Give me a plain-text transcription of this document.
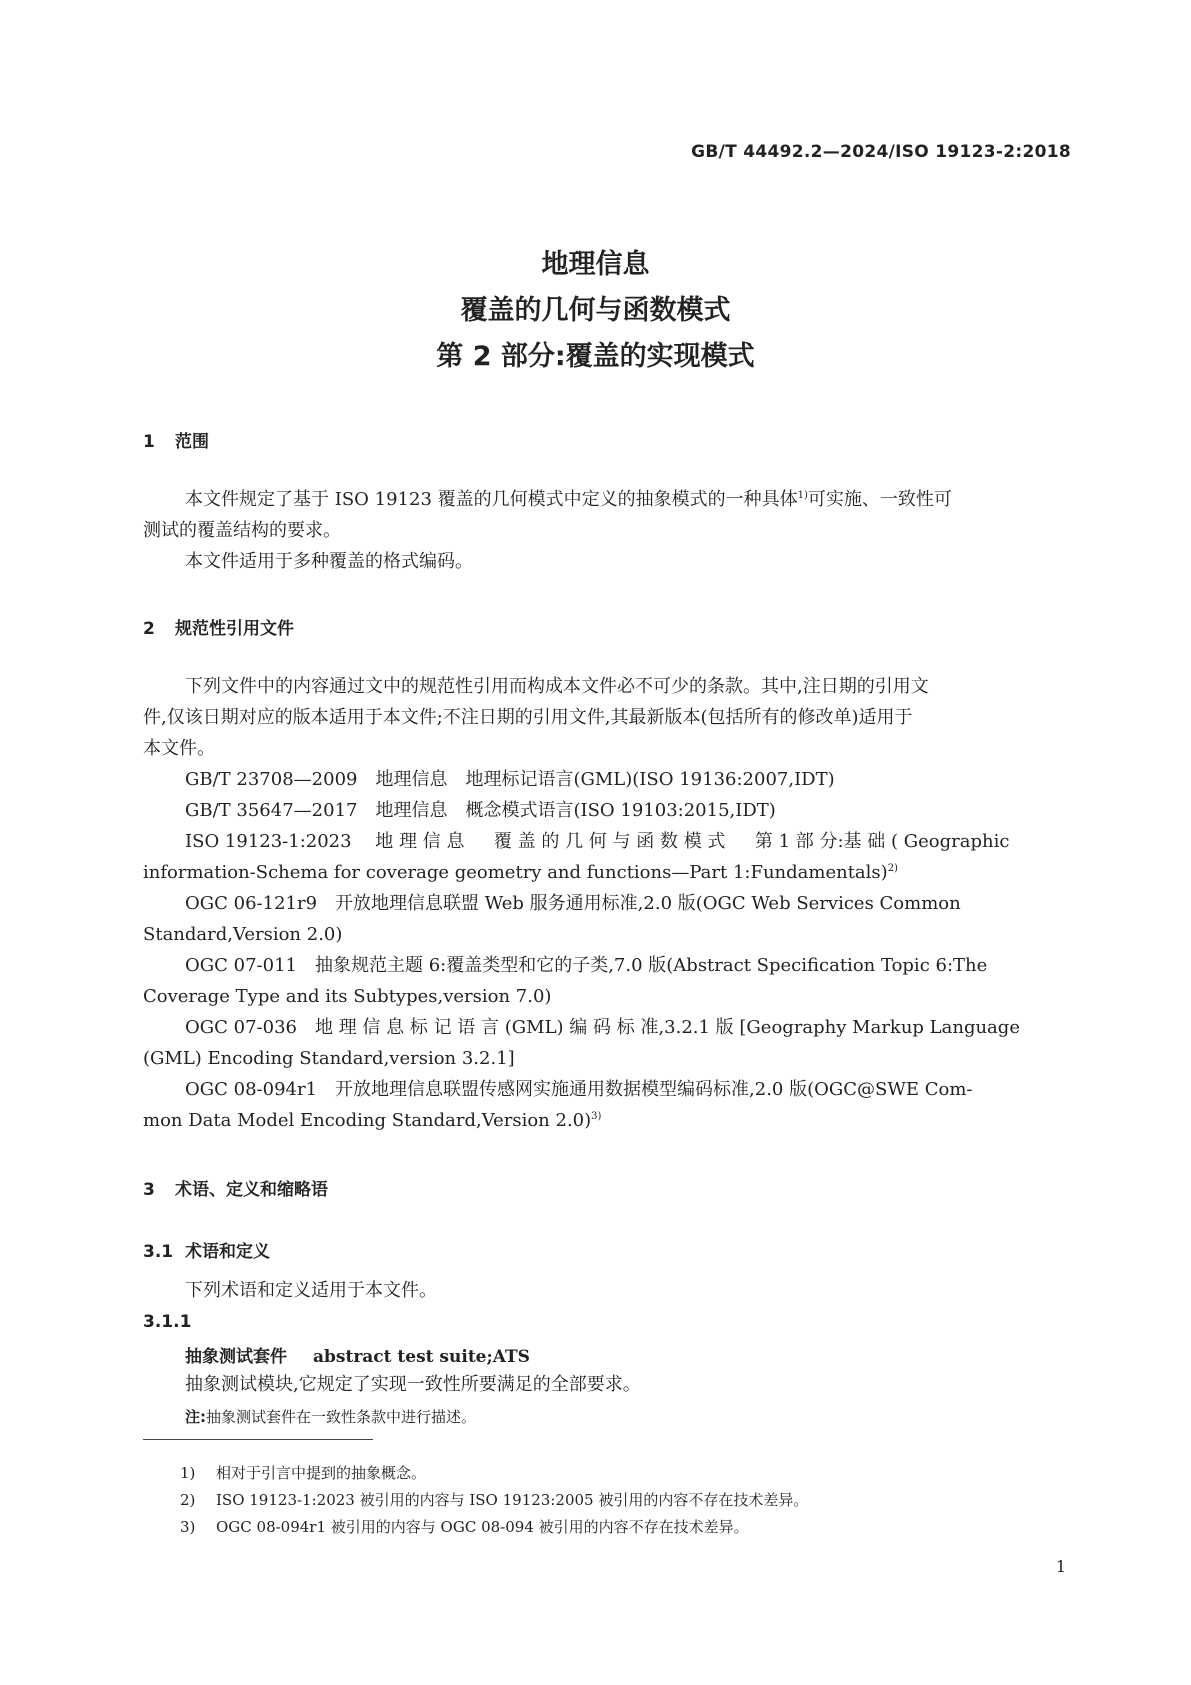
GB/T 44492.2—2024/ISO 19123-2:2018
地理信息
覆盖的几何与函数模式
第 2 部分:覆盖的实现模式
1 范围
本文件规定了基于 ISO 19123 覆盖的几何模式中定义的抽象模式的一种具体$^{1)}$可实施、一致性可
测试的覆盖结构的要求。
本文件适用于多种覆盖的格式编码。
2 规范性引用文件
下列文件中的内容通过文中的规范性引用而构成本文件必不可少的条款。其中,注日期的引用文
件,仅该日期对应的版本适用于本文件;不注日期的引用文件,其最新版本(包括所有的修改单)适用于
本文件。
GB/T 23708—2009　地理信息　地理标记语言(GML)(ISO 19136:2007,IDT)
GB/T 35647—2017　地理信息　概念模式语言(ISO 19103:2015,IDT)
ISO 19123-1:2023　 地 理 信 息 　 覆 盖 的 几 何 与 函 数 模 式 　 第 1 部 分:基 础 ( Geographic
information-Schema for coverage geometry and functions—Part 1:Fundamentals)$^{2)}$
OGC 06-121r9　开放地理信息联盟 Web 服务通用标准,2.0 版(OGC Web Services Common
Standard,Version 2.0)
OGC 07-011　抽象规范主题 6:覆盖类型和它的子类,7.0 版(Abstract Specification Topic 6:The
Coverage Type and its Subtypes,version 7.0)
OGC 07-036　地 理 信 息 标 记 语 言 (GML) 编 码 标 准,3.2.1 版 [Geography Markup Language
(GML) Encoding Standard,version 3.2.1]
OGC 08-094r1　开放地理信息联盟传感网实施通用数据模型编码标准,2.0 版(OGC@SWE Com-
mon Data Model Encoding Standard,Version 2.0)$^{3)}$
3 术语、定义和缩略语
3.1 术语和定义
下列术语和定义适用于本文件。
3.1.1
抽象测试套件 abstract test suite;ATS
抽象测试模块,它规定了实现一致性所要满足的全部要求。
注:抽象测试套件在一致性条款中进行描述。
1) 相对于引言中提到的抽象概念。
2) ISO 19123-1:2023 被引用的内容与 ISO 19123:2005 被引用的内容不存在技术差异。
3) OGC 08-094r1 被引用的内容与 OGC 08-094 被引用的内容不存在技术差异。
1
